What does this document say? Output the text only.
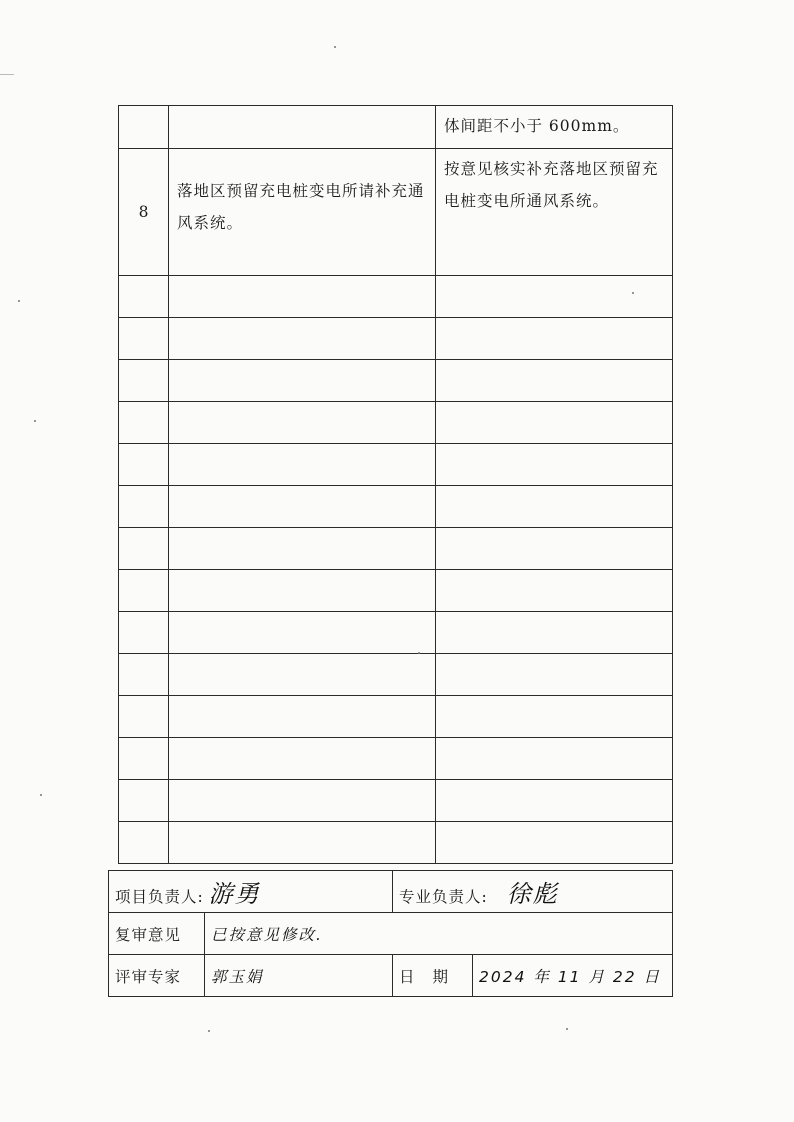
		体间距不小于 600mm。
8	落地区预留充电桩变电所请补充通风系统。	按意见核实补充落地区预留充电桩变电所通风系统。

项目负责人: 游勇		专业负责人: 徐彪	
复审意见	已按意见修改.		
评审专家	郭玉娟	日期	2024 年 11 月 22 日
